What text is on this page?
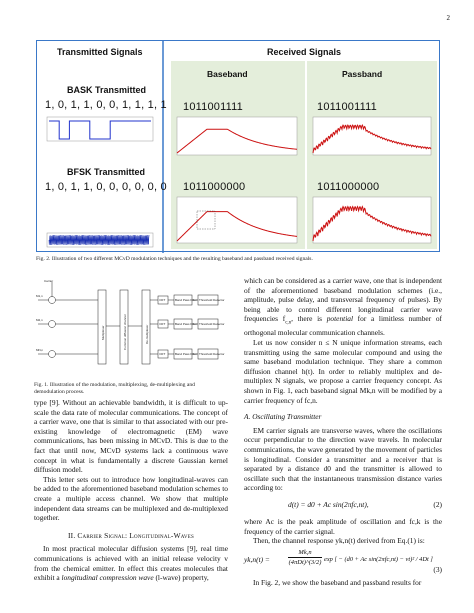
2
Transmitted Signals	Received Signals
BASK Transmitted
1, 0, 1, 1, 0, 0, 1, 1, 1, 1
BFSK Transmitted
1, 0, 1, 1, 0, 0, 0, 0, 0, 0
Baseband	Passband
1011001111	1011001111
1011000000	1011000000
Fig. 2. Illustration of two different MCvD modulation techniques and the resulting baseband and passband received signals.
Carrier
M1,n
M2,n
MN,n
DFT
DFT
DFT
Band Pass Filter
Band Pass Filter
Band Pass Filter
Threshold Detector
Threshold Detector
Threshold Detector
Multiplexer	Common diffusion channel	De-multiplexer
Fig. 1. Illustration of the modulation, multiplexing, de-multiplexing and demodulation process.

type [9]. Without an achievable bandwidth, it is difficult to up-scale the data rate of molecular communications. The concept of a carrier wave, one that is similar to that associated with our pre-existing knowledge of electromagnetic (EM) wave communications, has been missing in MCvD. This is due to the fact that until now, MCvD systems lack a continuous wave concept in what is fundamentally a discrete Gaussian kernel diffusion model.

This letter sets out to introduce how longitudinal-waves can be added to the aforementioned baseband modulation schemes to create a multiple access channel. We show that multiple independent data streams can be multiplexed and de-multiplexed together.

II. Carrier Signal: Longitudinal-Waves

In most practical molecular diffusion systems [9], real time communications is achieved with an initial release velocity v from the chemical emitter. In effect this creates molecules that exhibit a longitudinal compression wave (l-wave) property,

which can be considered as a carrier wave, one that is independent of the aforementioned baseband modulation schemes (i.e., amplitude, pulse delay, and transversal frequency of pulses). By being able to control different longitudinal carrier wave frequencies $f_{c,n}$, there is potential for a limitless number of orthogonal molecular communication channels.

Let us now consider n ≤ N unique information streams, each transmitting using the same molecular compound and using the same baseband modulation technique. They share a common diffusion channel h(t). In order to reliably multiplex and de-multiplex N signals, we propose a carrier frequency concept. As shown in Fig. 1, each baseband signal Mk,n will be modified by a carrier frequency of fc,n.

A. Oscillating Transmitter

EM carrier signals are transverse waves, where the oscillations occur perpendicular to the direction wave travels. In molecular communications, the wave generated by the movement of particles is longitudinal. Consider a transmitter and a receiver that is separated by a distance d0 and the transmitter is allowed to oscillate such that the instantaneous transmission distance varies according to:

d(t) = d0 + Ac sin(2πfc,nt),	(2)

where Ac is the peak amplitude of oscillation and fc,k is the frequency of the carrier signal.

Then, the channel response yk,n(t) derived from Eq.(1) is:

yk,n(t) =
Mk,n
(4πDt)^(3/2)
exp [ − (d0 + Ac sin(2πfc,nt) − vt)² / 4Dt ]
(3)

In Fig. 2, we show the baseband and passband results for
